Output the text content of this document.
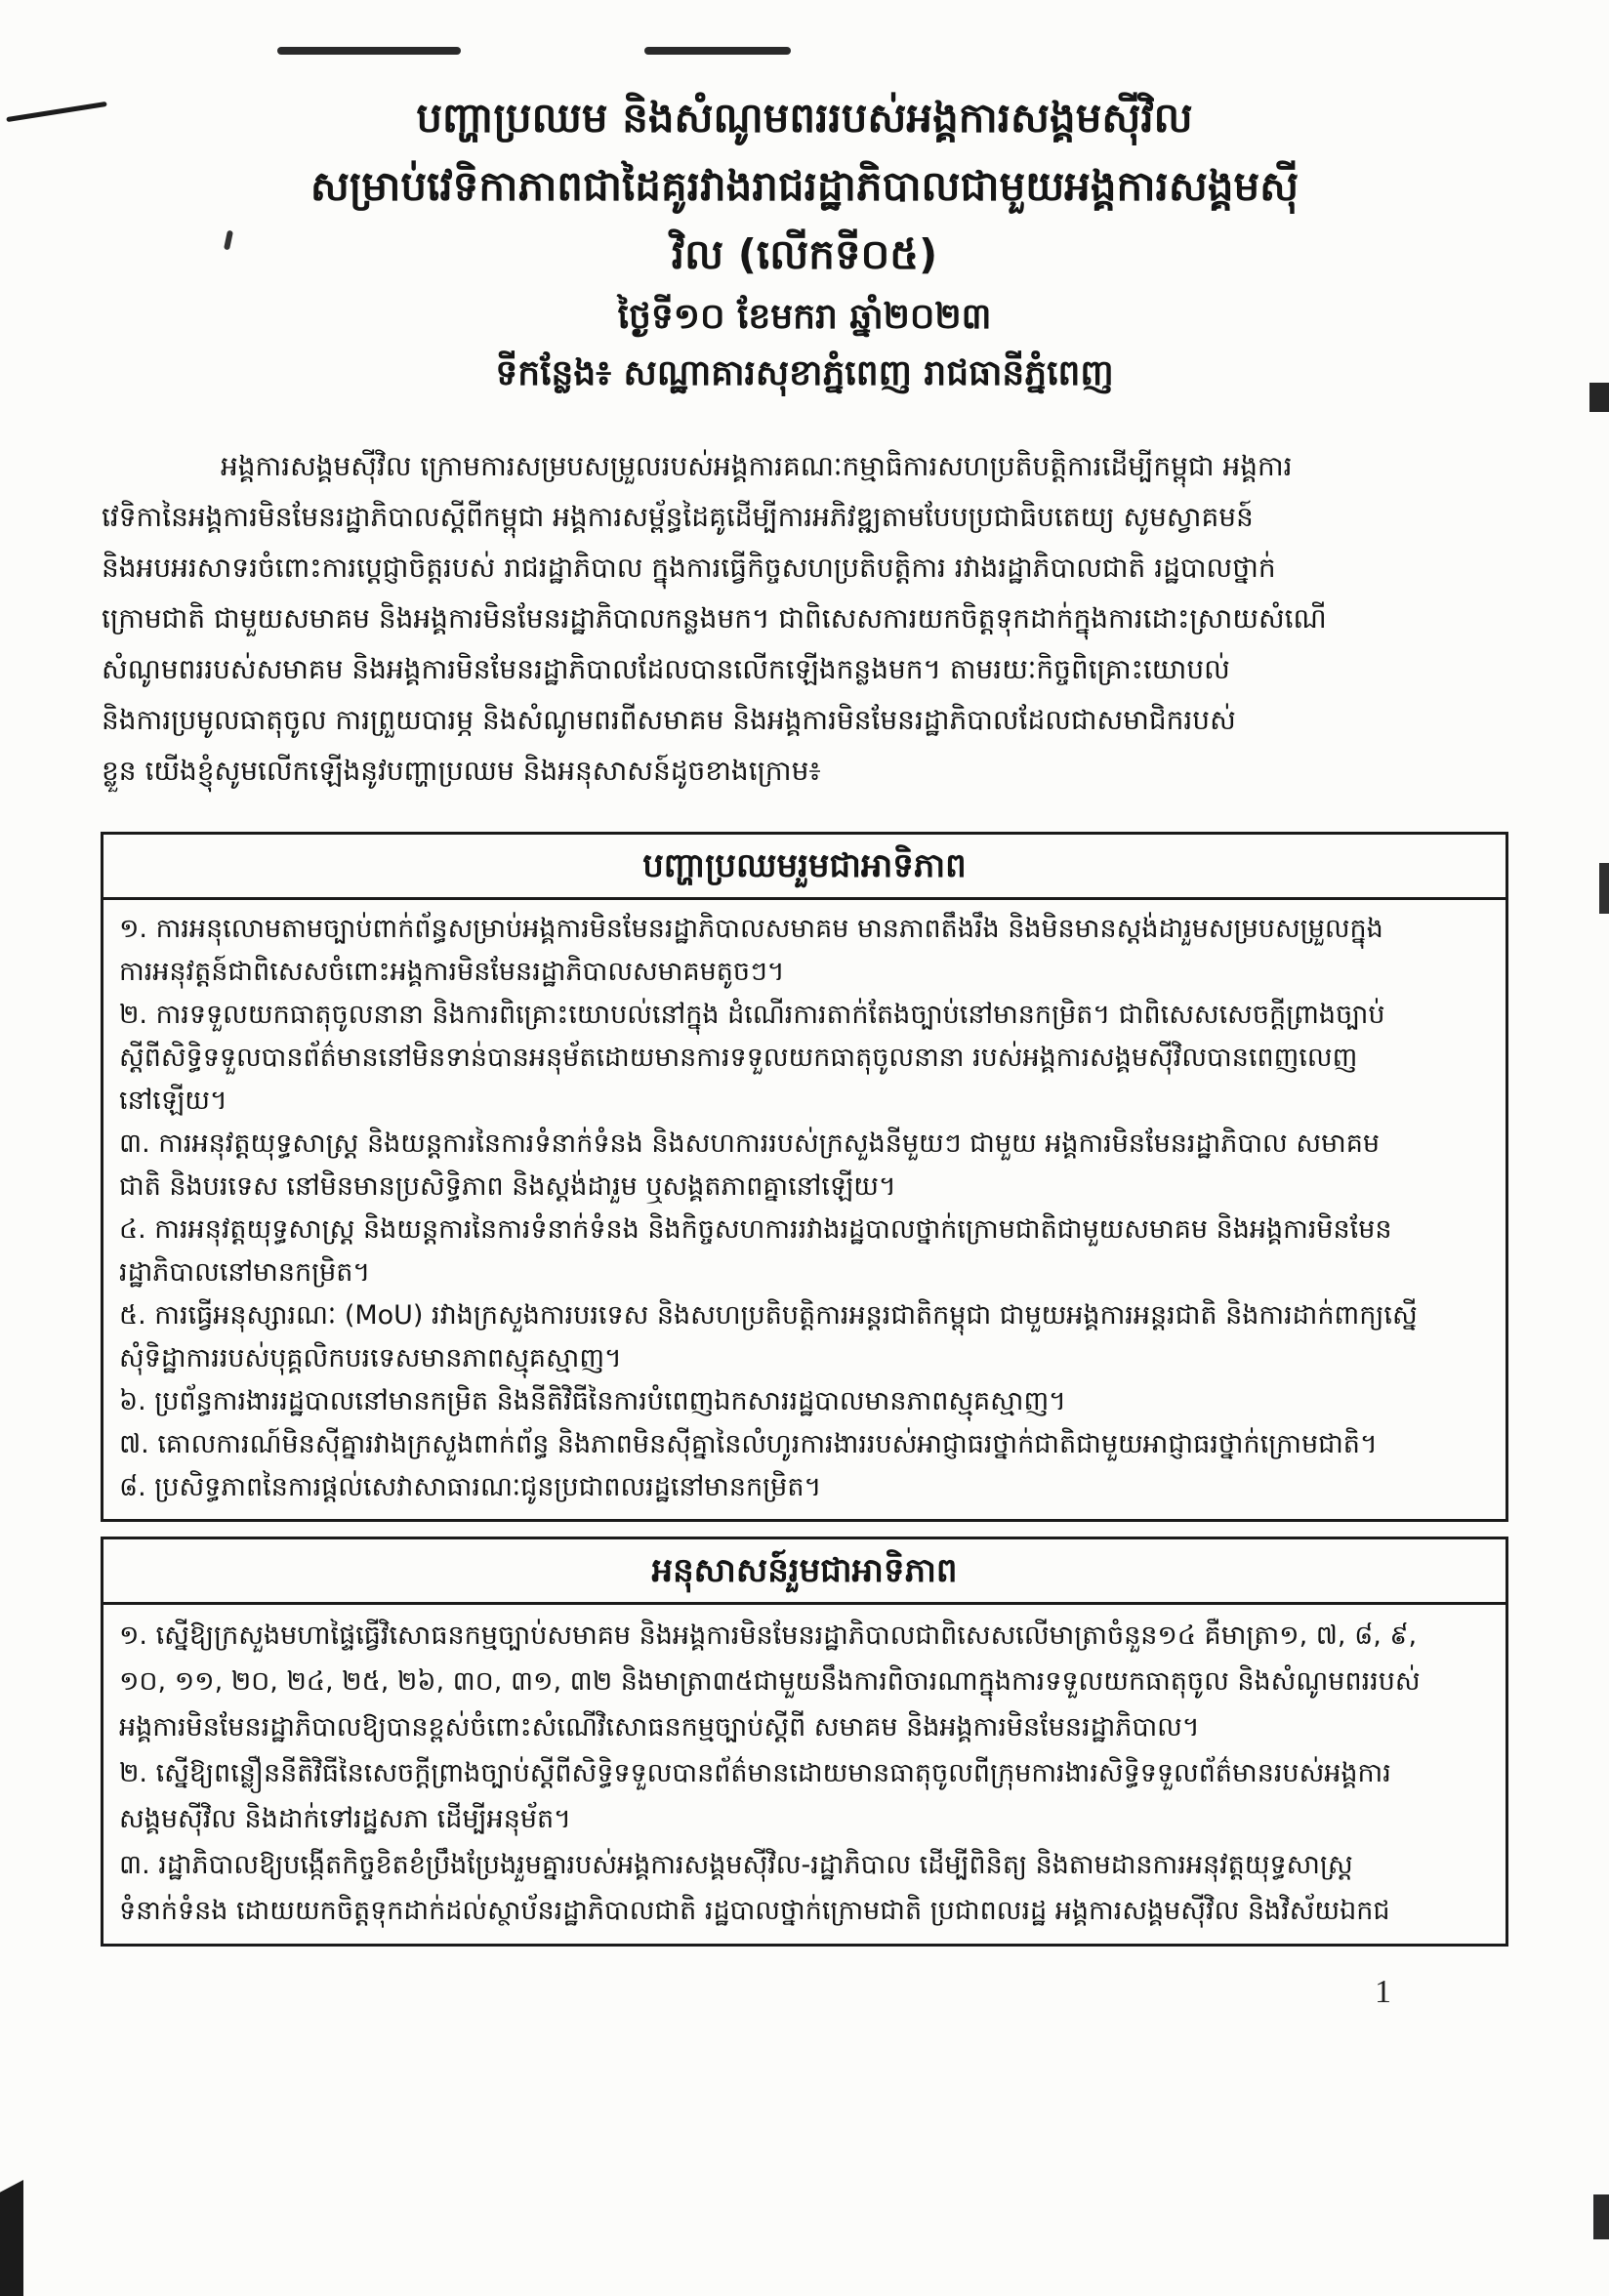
បញ្ហាប្រឈម និងសំណូមពររបស់អង្គការសង្គមស៊ីវិល
សម្រាប់វេទិកាភាពជាដៃគូរវាងរាជរដ្ឋាភិបាលជាមួយអង្គការសង្គមស៊ី
វិល (លើកទី០៥)
ថ្ងៃទី១០ ខែមករា ឆ្នាំ២០២៣
ទីកន្លែង៖ សណ្ឋាគារសុខាភ្នំពេញ រាជធានីភ្នំពេញ
អង្គការសង្គមស៊ីវិល ក្រោមការសម្របសម្រួលរបស់អង្គការគណៈកម្មាធិការសហប្រតិបត្តិការដើម្បីកម្ពុជា អង្គការ
វេទិកានៃអង្គការមិនមែនរដ្ឋាភិបាលស្ដីពីកម្ពុជា អង្គការសម្ព័ន្ធដៃគូដើម្បីការអភិវឌ្ឍតាមបែបប្រជាធិបតេយ្យ សូមស្វាគមន៍
និងអបអរសាទរចំពោះការប្ដេជ្ញាចិត្តរបស់ រាជរដ្ឋាភិបាល ក្នុងការធ្វើកិច្ចសហប្រតិបត្តិការ រវាងរដ្ឋាភិបាលជាតិ រដ្ឋបាលថ្នាក់
ក្រោមជាតិ ជាមួយសមាគម និងអង្គការមិនមែនរដ្ឋាភិបាលកន្លងមក។ ជាពិសេសការយកចិត្តទុកដាក់ក្នុងការដោះស្រាយសំណើ
សំណូមពររបស់សមាគម និងអង្គការមិនមែនរដ្ឋាភិបាលដែលបានលើកឡើងកន្លងមក។ តាមរយៈកិច្ចពិគ្រោះយោបល់
និងការប្រមូលធាតុចូល ការព្រួយបារម្ភ និងសំណូមពរពីសមាគម និងអង្គការមិនមែនរដ្ឋាភិបាលដែលជាសមាជិករបស់
ខ្លួន យើងខ្ញុំសូមលើកឡើងនូវបញ្ហាប្រឈម និងអនុសាសន៍ដូចខាងក្រោម៖
បញ្ហាប្រឈមរួមជាអាទិភាព
១. ការអនុលោមតាមច្បាប់ពាក់ព័ន្ធសម្រាប់អង្គការមិនមែនរដ្ឋាភិបាលសមាគម មានភាពតឹងរឹង និងមិនមានស្ដង់ដារួមសម្របសម្រួលក្នុង
ការអនុវត្តន៍ជាពិសេសចំពោះអង្គការមិនមែនរដ្ឋាភិបាលសមាគមតូចៗ។
២. ការទទួលយកធាតុចូលនានា និងការពិគ្រោះយោបល់នៅក្នុង ដំណើរការតាក់តែងច្បាប់នៅមានកម្រិត។ ជាពិសេសសេចក្ដីព្រាងច្បាប់
ស្ដីពីសិទ្ធិទទួលបានព័ត៌មាននៅមិនទាន់បានអនុម័តដោយមានការទទួលយកធាតុចូលនានា របស់អង្គការសង្គមស៊ីវិលបានពេញលេញ
នៅឡើយ។
៣. ការអនុវត្តយុទ្ធសាស្ត្រ និងយន្តការនៃការទំនាក់ទំនង និងសហការរបស់ក្រសួងនីមួយៗ ជាមួយ អង្គការមិនមែនរដ្ឋាភិបាល សមាគម
ជាតិ និងបរទេស នៅមិនមានប្រសិទ្ធិភាព និងស្ដង់ដារួម ឬសង្គតភាពគ្នានៅឡើយ។
៤. ការអនុវត្តយុទ្ធសាស្ត្រ និងយន្តការនៃការទំនាក់ទំនង និងកិច្ចសហការរវាងរដ្ឋបាលថ្នាក់ក្រោមជាតិជាមួយសមាគម និងអង្គការមិនមែន
រដ្ឋាភិបាលនៅមានកម្រិត។
៥. ការធ្វើអនុស្សារណៈ (MoU) រវាងក្រសួងការបរទេស និងសហប្រតិបត្តិការអន្តរជាតិកម្ពុជា ជាមួយអង្គការអន្តរជាតិ និងការដាក់ពាក្យស្នើ
សុំទិដ្ឋាការរបស់បុគ្គលិកបរទេសមានភាពស្មុគស្មាញ។
៦. ប្រព័ន្ធការងាររដ្ឋបាលនៅមានកម្រិត និងនីតិវិធីនៃការបំពេញឯកសាររដ្ឋបាលមានភាពស្មុគស្មាញ។
៧. គោលការណ៍មិនស៊ីគ្នារវាងក្រសួងពាក់ព័ន្ធ និងភាពមិនស៊ីគ្នានៃលំហូរការងាររបស់អាជ្ញាធរថ្នាក់ជាតិជាមួយអាជ្ញាធរថ្នាក់ក្រោមជាតិ។
៨. ប្រសិទ្ធភាពនៃការផ្ដល់សេវាសាធារណៈជូនប្រជាពលរដ្ឋនៅមានកម្រិត។
អនុសាសន៍រួមជាអាទិភាព
១. ស្នើឱ្យក្រសួងមហាផ្ទៃធ្វើវិសោធនកម្មច្បាប់សមាគម និងអង្គការមិនមែនរដ្ឋាភិបាលជាពិសេសលើមាត្រាចំនួន១៤ គឺមាត្រា១, ៧, ៨, ៩,
១០, ១១, ២០, ២៤, ២៥, ២៦, ៣០, ៣១, ៣២ និងមាត្រា៣៥ជាមួយនឹងការពិចារណាក្នុងការទទួលយកធាតុចូល និងសំណូមពររបស់
អង្គការមិនមែនរដ្ឋាភិបាលឱ្យបានខ្ពស់ចំពោះសំណើវិសោធនកម្មច្បាប់ស្ដីពី សមាគម និងអង្គការមិនមែនរដ្ឋាភិបាល។
២. ស្នើឱ្យពន្លឿននីតិវិធីនៃសេចក្ដីព្រាងច្បាប់ស្ដីពីសិទ្ធិទទួលបានព័ត៌មានដោយមានធាតុចូលពីក្រុមការងារសិទ្ធិទទួលព័ត៌មានរបស់អង្គការ
សង្គមស៊ីវិល និងដាក់ទៅរដ្ឋសភា ដើម្បីអនុម័ត។
៣. រដ្ឋាភិបាលឱ្យបង្កើតកិច្ចខិតខំប្រឹងប្រែងរួមគ្នារបស់អង្គការសង្គមស៊ីវិល-រដ្ឋាភិបាល ដើម្បីពិនិត្យ និងតាមដានការអនុវត្តយុទ្ធសាស្ត្រ
ទំនាក់ទំនង ដោយយកចិត្តទុកដាក់ដល់ស្ថាប័នរដ្ឋាភិបាលជាតិ រដ្ឋបាលថ្នាក់ក្រោមជាតិ ប្រជាពលរដ្ឋ អង្គការសង្គមស៊ីវិល និងវិស័យឯកជ
1
